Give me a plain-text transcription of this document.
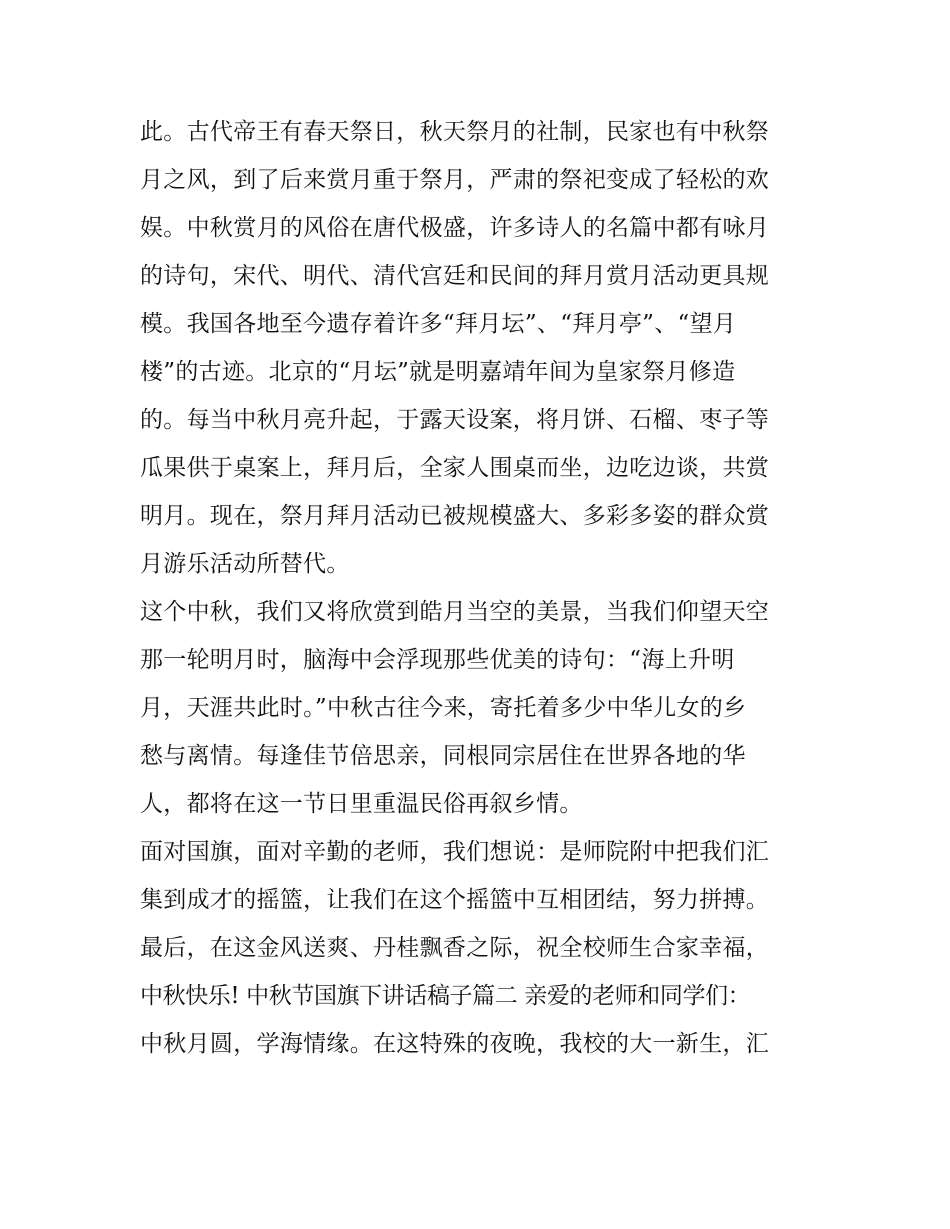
此。古代帝王有春天祭日，秋天祭月的社制，民家也有中秋祭
月之风，到了后来赏月重于祭月，严肃的祭祀变成了轻松的欢
娱。中秋赏月的风俗在唐代极盛，许多诗人的名篇中都有咏月
的诗句，宋代、明代、清代宫廷和民间的拜月赏月活动更具规
模。我国各地至今遗存着许多“拜月坛”、“拜月亭”、“望月
楼”的古迹。北京的“月坛”就是明嘉靖年间为皇家祭月修造
的。每当中秋月亮升起，于露天设案，将月饼、石榴、枣子等
瓜果供于桌案上，拜月后，全家人围桌而坐，边吃边谈，共赏
明月。现在，祭月拜月活动已被规模盛大、多彩多姿的群众赏
月游乐活动所替代。
这个中秋，我们又将欣赏到皓月当空的美景，当我们仰望天空
那一轮明月时，脑海中会浮现那些优美的诗句：“海上升明
月，天涯共此时。”中秋古往今来，寄托着多少中华儿女的乡
愁与离情。每逢佳节倍思亲，同根同宗居住在世界各地的华
人，都将在这一节日里重温民俗再叙乡情。
面对国旗，面对辛勤的老师，我们想说：是师院附中把我们汇
集到成才的摇篮，让我们在这个摇篮中互相团结，努力拼搏。
最后，在这金风送爽、丹桂飘香之际，祝全校师生合家幸福，
中秋快乐! 中秋节国旗下讲话稿子篇二 亲爱的老师和同学们：
中秋月圆，学海情缘。在这特殊的夜晚，我校的大一新生，汇
